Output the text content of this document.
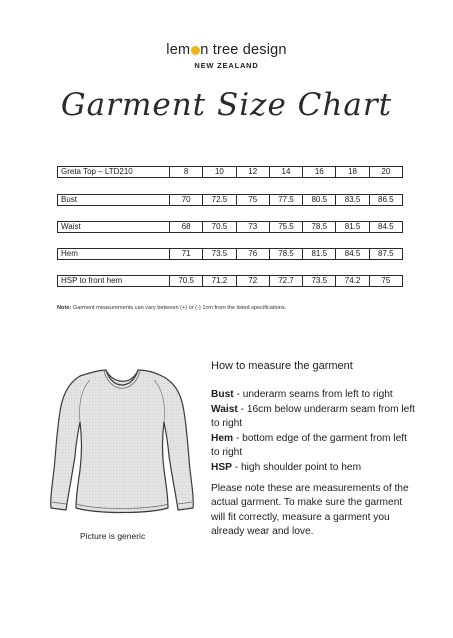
lem n tree design
NEW ZEALAND
Garment Size Chart
Greta Top – LTD210	8	10	12	14	16	18	20
Bust	70	72.5	75	77.5	80.5	83.5	86.5
Waist	68	70.5	73	75.5	78.5	81.5	84.5
Hem	71	73.5	76	78.5	81.5	84.5	87.5
HSP to front hem	70.5	71.2	72	72.7	73.5	74.2	75
Note: Garment measurements can vary between (+) or (-) 1cm from the listed specifications.
Picture is generic
How to measure the garment

Bust - underarm seams from left to right

Waist - 16cm below underarm seam from left to right

Hem - bottom edge of the garment from left to right

HSP - high shoulder point to hem

Please note these are measurements of the actual garment. To make sure the garment will fit correctly, measure a garment you already wear and love.
